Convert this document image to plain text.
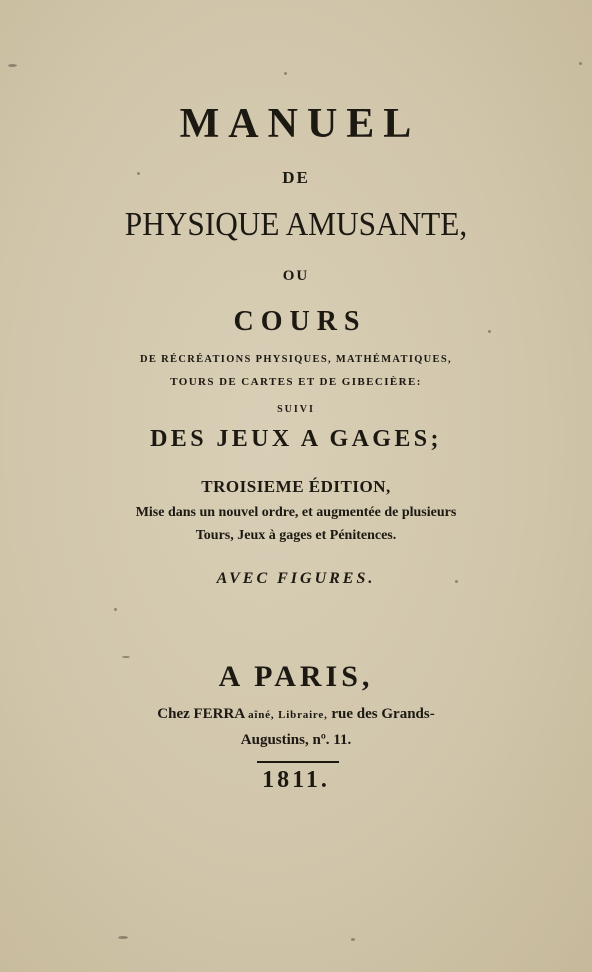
MANUEL
DE
PHYSIQUE AMUSANTE,
OU
COURS
DE RÉCRÉATIONS PHYSIQUES, MATHÉMATIQUES,
TOURS DE CARTES ET DE GIBECIÈRE:
SUIVI
DES JEUX A GAGES;
TROISIEME ÉDITION,
Mise dans un nouvel ordre, et augmentée de plusieurs
Tours, Jeux à gages et Pénitences.
AVEC FIGURES.
A PARIS,
Chez FERRA aîné, Libraire, rue des Grands-
Augustins, nº. 11.
1811.
